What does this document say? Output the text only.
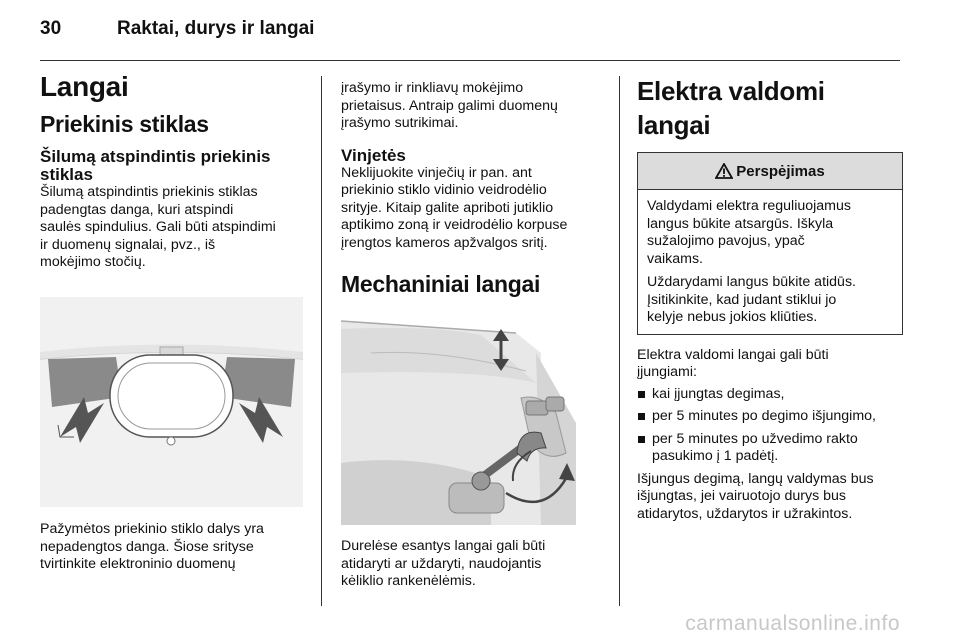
30	Raktai, durys ir langai
Langai
Priekinis stiklas
Šilumą atspindintis priekinis stiklas

Šilumą atspindintis priekinis stiklas
padengtas danga, kuri atspindi
saulės spindulius. Gali būti atspindimi
ir duomenų signalai, pvz., iš
mokėjimo stočių.

Pažymėtos priekinio stiklo dalys yra
nepadengtos danga. Šiose srityse
tvirtinkite elektroninio duomenų

įrašymo ir rinkliavų mokėjimo
prietaisus. Antraip galimi duomenų
įrašymo sutrikimai.

Vinjetės

Neklijuokite vinječių ir pan. ant
priekinio stiklo vidinio veidrodėlio
srityje. Kitaip galite apriboti jutiklio
aptikimo zoną ir veidrodėlio korpuse
įrengtos kameros apžvalgos sritį.

Mechaniniai langai

Durelėse esantys langai gali būti
atidaryti ar uždaryti, naudojantis
kėliklio rankenėlėmis.

Elektra valdomi langai
Perspėjimas

Valdydami elektra reguliuojamus
langus būkite atsargūs. Iškyla
sužalojimo pavojus, ypač
vaikams.

Uždarydami langus būkite atidūs.
Įsitikinkite, kad judant stiklui jo
kelyje nebus jokios kliūties.

Elektra valdomi langai gali būti
įjungiami:

kai įjungtas degimas,
per 5 minutes po degimo išjungimo,
per 5 minutes po užvedimo rakto
pasukimo į 1 padėtį.

Išjungus degimą, langų valdymas bus
išjungtas, jei vairuotojo durys bus
atidarytos, uždarytos ir užrakintos.

carmanualsonline.info
